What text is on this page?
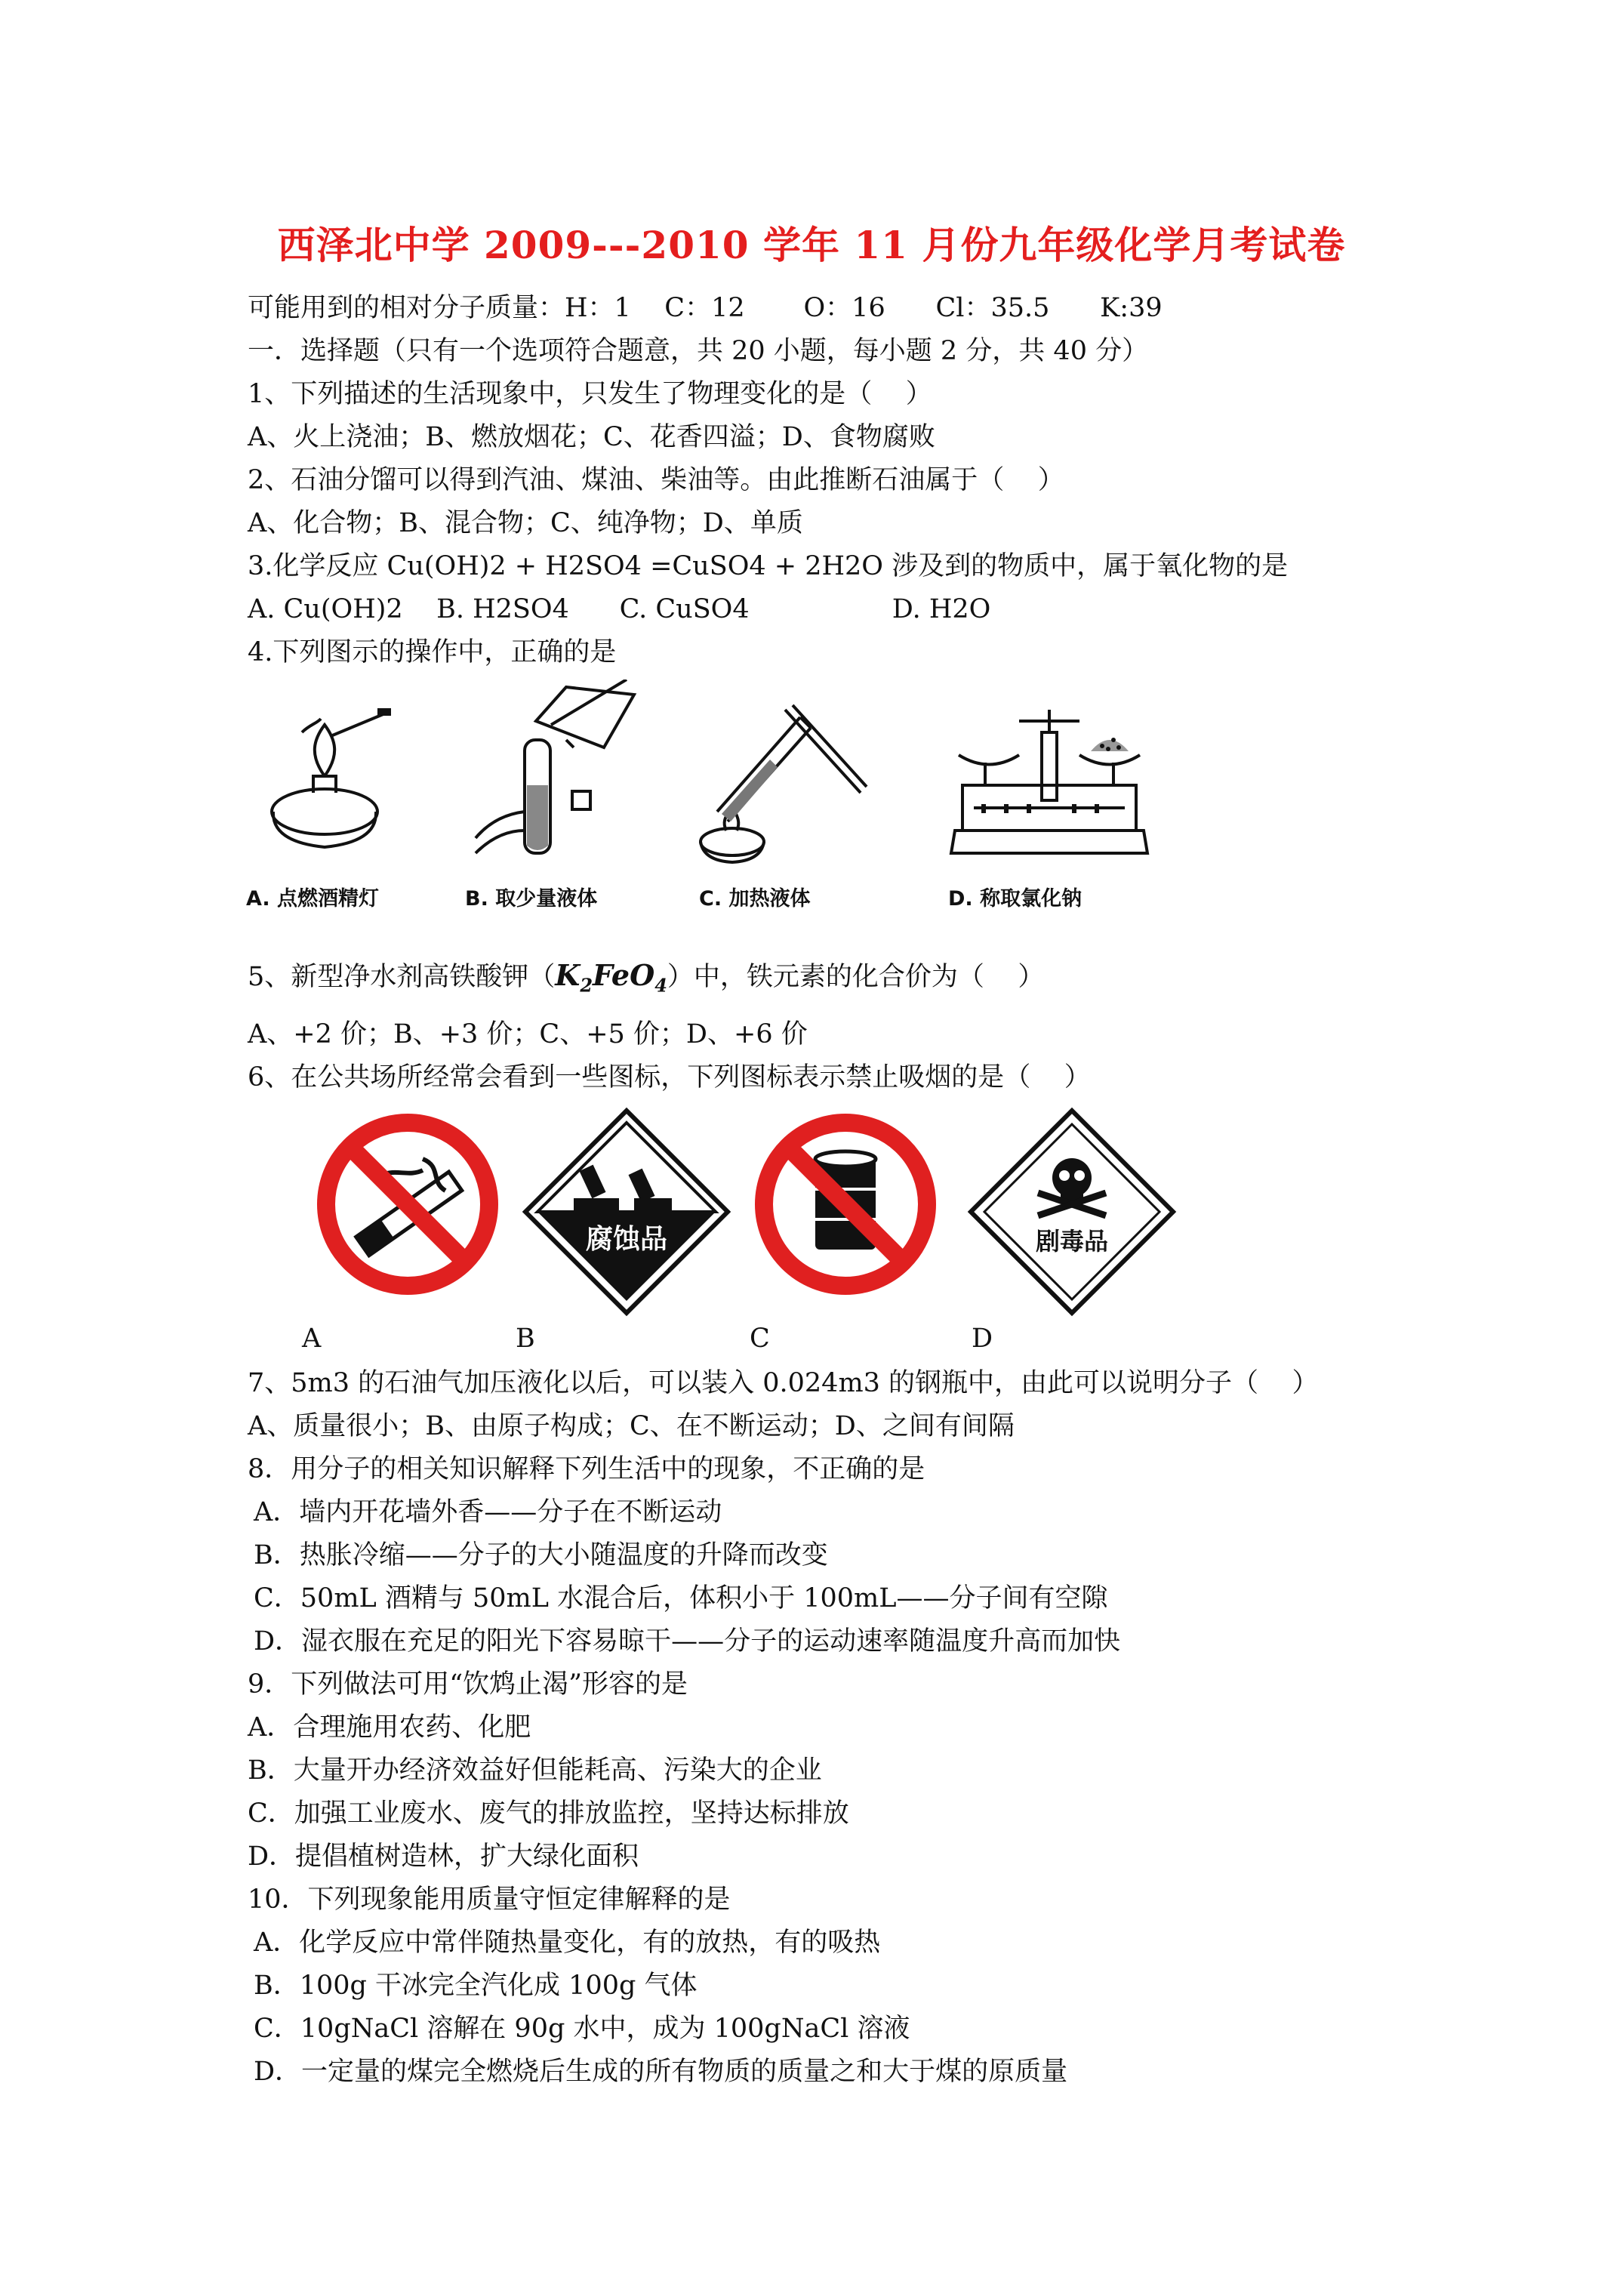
西泽北中学 2009---2010 学年 11 月份九年级化学月考试卷
可能用到的相对分子质量：H：1    C：12       O：16      Cl：35.5      K:39
一．选择题（只有一个选项符合题意，共 20 小题，每小题 2 分，共 40 分）
1、下列描述的生活现象中，只发生了物理变化的是（    ）
A、火上浇油；B、燃放烟花；C、花香四溢；D、食物腐败
2、石油分馏可以得到汽油、煤油、柴油等。由此推断石油属于（    ）
A、化合物；B、混合物；C、纯净物；D、单质
3.化学反应 Cu(OH)2 + H2SO4 =CuSO4 + 2H2O 涉及到的物质中，属于氧化物的是
A. Cu(OH)2    B. H2SO4      C. CuSO4                 D. H2O
4.下列图示的操作中，正确的是
A. 点燃酒精灯	B. 取少量液体	C. 加热液体	D. 称取氯化钠
5、新型净水剂高铁酸钾$(K_2FeO_4)$中，铁元素的化合价为（    ）
A、+2 价；B、+3 价；C、+5 价；D、+6 价
6、在公共场所经常会看到一些图标，下列图标表示禁止吸烟的是（    ）
腐蚀品	剧毒品
A	B	C	D
7、5m3 的石油气加压液化以后，可以装入 0.024m3 的钢瓶中，由此可以说明分子（    ）
A、质量很小；B、由原子构成；C、在不断运动；D、之间有间隔
8．用分子的相关知识解释下列生活中的现象，不正确的是
A．墙内开花墙外香——分子在不断运动
B．热胀冷缩——分子的大小随温度的升降而改变
C．50mL 酒精与 50mL 水混合后，体积小于 100mL——分子间有空隙
D．湿衣服在充足的阳光下容易晾干——分子的运动速率随温度升高而加快
9．下列做法可用“饮鸩止渴”形容的是
A．合理施用农药、化肥
B．大量开办经济效益好但能耗高、污染大的企业
C．加强工业废水、废气的排放监控，坚持达标排放
D．提倡植树造林，扩大绿化面积
10．下列现象能用质量守恒定律解释的是
A．化学反应中常伴随热量变化，有的放热，有的吸热
B．100g 干冰完全汽化成 100g 气体
C．10gNaCl 溶解在 90g 水中，成为 100gNaCl 溶液
D．一定量的煤完全燃烧后生成的所有物质的质量之和大于煤的原质量
